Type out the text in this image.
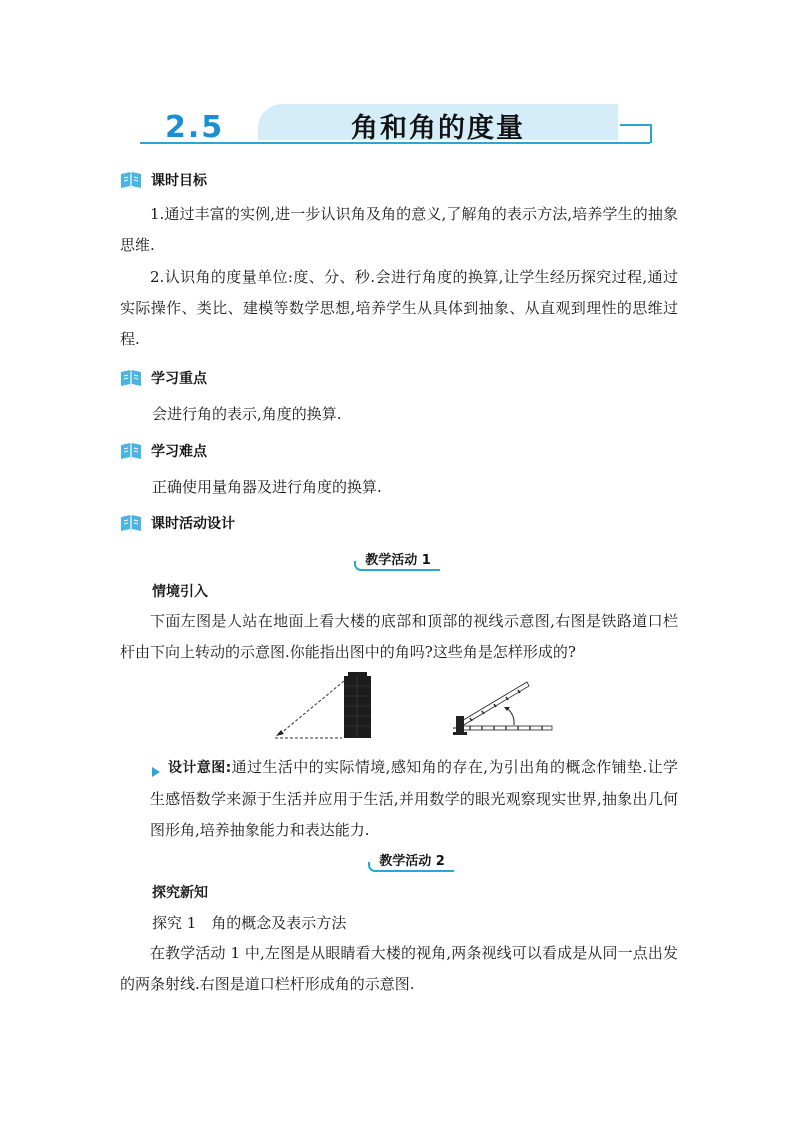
2.5	角和角的度量
课时目标
1.通过丰富的实例,进一步认识角及角的意义,了解角的表示方法,培养学生的抽象思维.
2.认识角的度量单位:度、分、秒.会进行角度的换算,让学生经历探究过程,通过实际操作、类比、建模等数学思想,培养学生从具体到抽象、从直观到理性的思维过程.
学习重点
会进行角的表示,角度的换算.
学习难点
正确使用量角器及进行角度的换算.
课时活动设计
教学活动 1
情境引入
下面左图是人站在地面上看大楼的底部和顶部的视线示意图,右图是铁路道口栏杆由下向上转动的示意图.你能指出图中的角吗?这些角是怎样形成的?
设计意图:通过生活中的实际情境,感知角的存在,为引出角的概念作铺垫.让学生感悟数学来源于生活并应用于生活,并用数学的眼光观察现实世界,抽象出几何图形角,培养抽象能力和表达能力.
教学活动 2
探究新知
探究 1　角的概念及表示方法
在教学活动 1 中,左图是从眼睛看大楼的视角,两条视线可以看成是从同一点出发的两条射线.右图是道口栏杆形成角的示意图.
